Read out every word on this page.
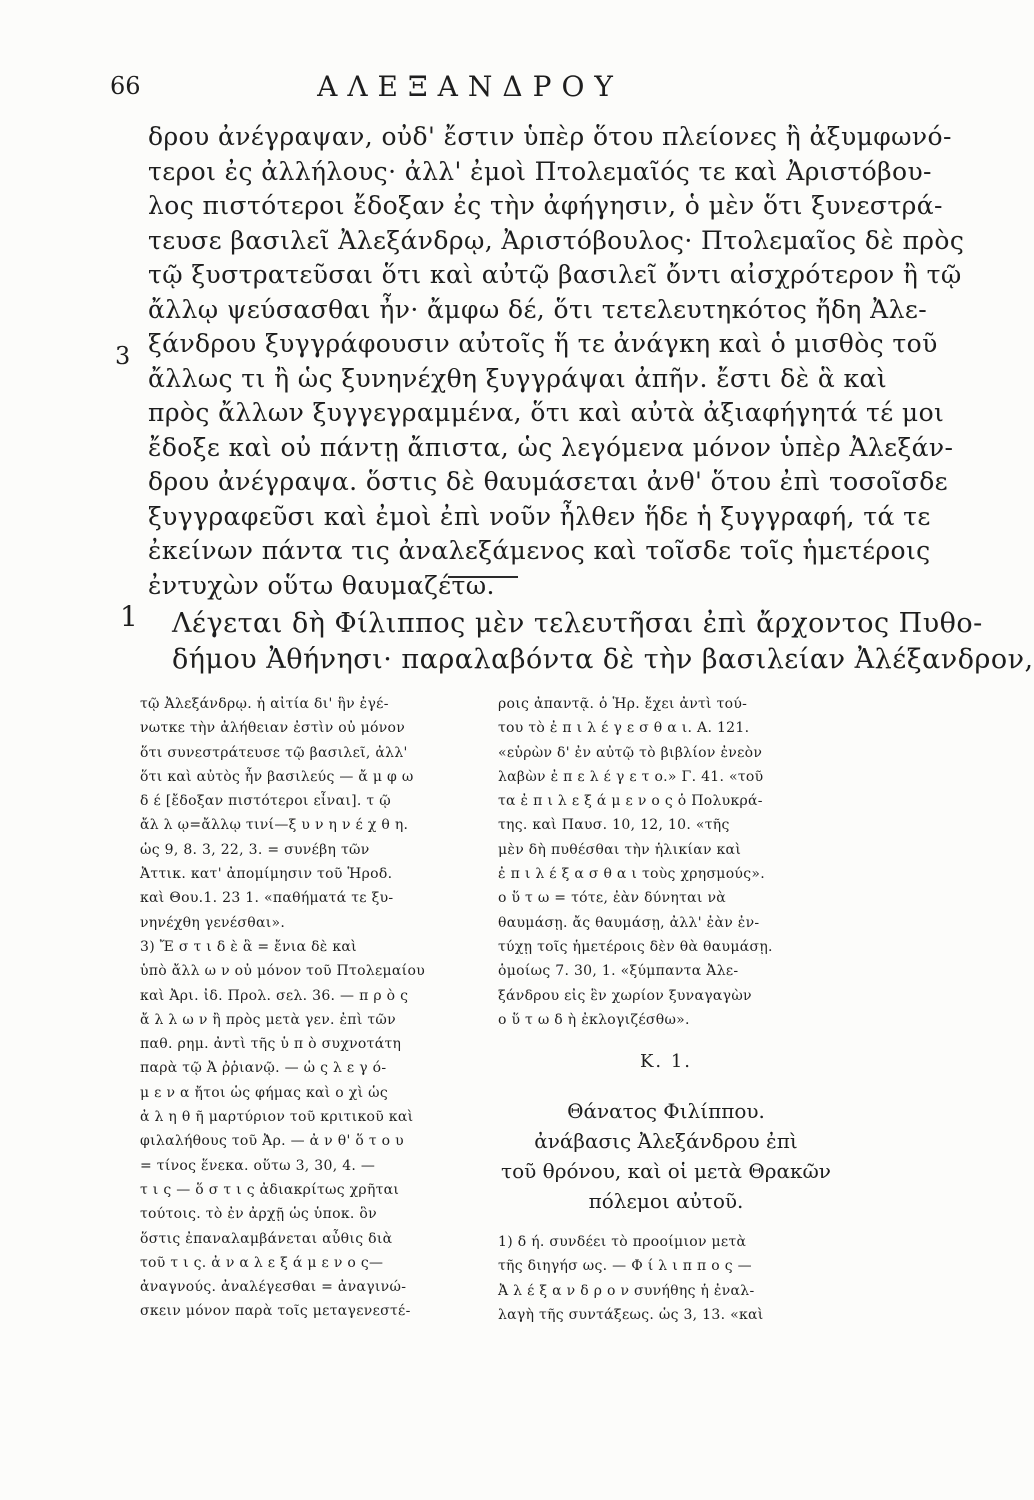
66	ΑΛΕΞΑΝΔΡΟΥ
3
1
δρου ἀνέγραψαν, οὐδ' ἔστιν ὑπὲρ ὅτου πλείονες ἢ ἀξυμφωνό-
τεροι ἐς ἀλλήλους· ἀλλ' ἐμοὶ Πτολεμαῖός τε καὶ Ἀριστόβου-
λος πιστότεροι ἔδοξαν ἐς τὴν ἀφήγησιν, ὁ μὲν ὅτι ξυνεστρά-
τευσε βασιλεῖ Ἀλεξάνδρῳ, Ἀριστόβουλος· Πτολεμαῖος δὲ πρὸς
τῷ ξυστρατεῦσαι ὅτι καὶ αὐτῷ βασιλεῖ ὄντι αἰσχρότερον ἢ τῷ
ἄλλῳ ψεύσασθαι ἦν· ἄμφω δέ, ὅτι τετελευτηκότος ἤδη Ἀλε-
ξάνδρου ξυγγράφουσιν αὐτοῖς ἥ τε ἀνάγκη καὶ ὁ μισθὸς τοῦ
ἄλλως τι ἢ ὡς ξυνηνέχθη ξυγγράψαι ἀπῆν. ἔστι δὲ ἃ καὶ
πρὸς ἄλλων ξυγγεγραμμένα, ὅτι καὶ αὐτὰ ἀξιαφήγητά τέ μοι
ἔδοξε καὶ οὐ πάντῃ ἄπιστα, ὡς λεγόμενα μόνον ὑπὲρ Ἀλεξάν-
δρου ἀνέγραψα. ὅστις δὲ θαυμάσεται ἀνθ' ὅτου ἐπὶ τοσοῖσδε
ξυγγραφεῦσι καὶ ἐμοὶ ἐπὶ νοῦν ἦλθεν ἥδε ἡ ξυγγραφή, τά τε
ἐκείνων πάντα τις ἀναλεξάμενος καὶ τοῖσδε τοῖς ἡμετέροις
ἐντυχὼν οὕτω θαυμαζέτω.
Λέγεται δὴ Φίλιππος μὲν τελευτῆσαι ἐπὶ ἄρχοντος Πυθο-
δήμου Ἀθήνησι· παραλαβόντα δὲ τὴν βασιλείαν Ἀλέξανδρον,
τῷ Ἀλεξάνδρῳ. ἡ αἰτία δι' ἣν ἐγέ-
νωτκε τὴν ἀλήθειαν ἐστὶν οὐ μόνον
ὅτι συνεστράτευσε τῷ βασιλεῖ, ἀλλ'
ὅτι καὶ αὐτὸς ἦν βασιλεύς — ἄ μ φ ω
δ έ [ἔδοξαν πιστότεροι εἶναι]. τ ῷ
ἄλ λ ῳ=ἄλλῳ τινί—ξ υ ν η ν έ χ θ η.
ὡς 9, 8. 3, 22, 3. = συνέβη τῶν
Ἀττικ. κατ' ἀπομίμησιν τοῦ Ἡροδ.
καὶ Θου.1. 23 1. «παθήματά τε ξυ-
νηνέχθη γενέσθαι».
3) Ἔ σ τ ι δ ὲ ἃ = ἔνια δὲ καὶ
ὑπὸ ἄλλ ω ν οὐ μόνον τοῦ Πτολεμαίου
καὶ Ἀρι. ἰδ. Προλ. σελ. 36. — π ρ ὸ ς
ἄ λ λ ω ν ἢ πρὸς μετὰ γεν. ἐπὶ τῶν
παθ. ρημ. ἀντὶ τῆς ὑ π ὸ συχνοτάτη
παρὰ τῷ Ἀ ῤῥιανῷ. — ὡ ς λ ε γ ό-
μ ε ν α ἤτοι ὡς φήμας καὶ ο χὶ ὡς
ἀ λ η θ ῆ μαρτύριον τοῦ κριτικοῦ καὶ
φιλαλήθους τοῦ Ἀρ. — ἀ ν θ' ὅ τ ο υ
= τίνος ἕνεκα. οὕτω 3, 30, 4. —
τ ι ς — ὅ σ τ ι ς ἀδιακρίτως χρῆται
τούτοις. τὸ ἐν ἀρχῇ ὡς ὑποκ. ὃν
ὅστις ἐπαναλαμβάνεται αὖθις διὰ
τοῦ τ ι ς. ἀ ν α λ ε ξ ά μ ε ν ο ς—
ἀναγνούς. ἀναλέγεσθαι = ἀναγινώ-
σκειν μόνον παρὰ τοῖς μεταγενεστέ-
ροις ἀπαντᾷ. ὁ Ἡρ. ἔχει ἀντὶ τού-
του τὸ ἐ π ι λ έ γ ε σ θ α ι. Α. 121.
«εὑρὼν δ' ἐν αὐτῷ τὸ βιβλίον ἐνεὸν
λαβὼν ἐ π ε λ έ γ ε τ ο.» Γ. 41. «τοῦ
τα ἐ π ι λ ε ξ ά μ ε ν ο ς ὁ Πολυκρά-
της. καὶ Παυσ. 10, 12, 10. «τῆς
μὲν δὴ πυθέσθαι τὴν ἡλικίαν καὶ
ἐ π ι λ έ ξ α σ θ α ι τοὺς χρησμούς».
ο ὕ τ ω = τότε, ἐὰν δύνηται νὰ
θαυμάσῃ. ἄς θαυμάσῃ, ἀλλ' ἐὰν ἐν-
τύχῃ τοῖς ἡμετέροις δὲν θὰ θαυμάσῃ.
ὁμοίως 7. 30, 1. «ξύμπαντα Ἀλε-
ξάνδρου εἰς ἓν χωρίον ξυναγαγὼν
ο ὕ τ ω δ ὴ ἐκλογιζέσθω».
Κ. 1.
Θάνατος Φιλίππου.
ἀνάβασις Ἀλεξάνδρου ἐπὶ
τοῦ θρόνου, καὶ οἱ μετὰ Θρακῶν
πόλεμοι αὐτοῦ.
1) δ ή. συνδέει τὸ προοίμιον μετὰ
τῆς διηγήσ ως. — Φ ί λ ι π π ο ς —
Ἀ λ έ ξ α ν δ ρ ο ν συνήθης ἡ ἐναλ-
λαγὴ τῆς συντάξεως. ὡς 3, 13. «καὶ
